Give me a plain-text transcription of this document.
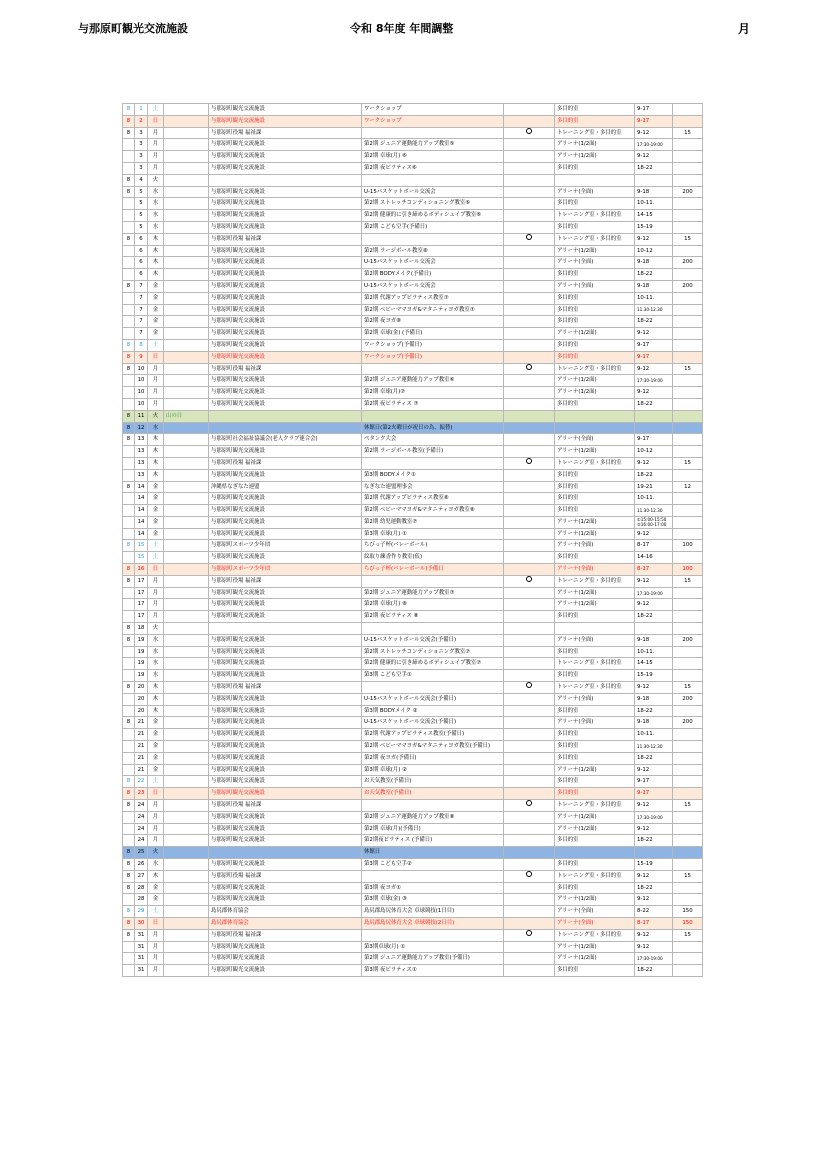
与那原町観光交流施設	令和 8年度 年間調整	月
8	1	土		与那原町観光交流施設	ワークショップ		多目的室	9-17	
8	2	日		与那原町観光交流施設	ワークショップ		多目的室	9-17	
8	3	月		与那原町役場 福祉課			トレーニング室・多目的室	9-12	15
	3	月		与那原町観光交流施設	第2期 ジュニア運動能力アップ教室⑤		アリーナ(1/2面)	17:30-19:00	
	3	月		与那原町観光交流施設	第2期 卓球(月) ⑥		アリーナ(1/2面)	9-12	
	3	月		与那原町観光交流施設	第2期 夜ピラティス⑥		多目的室	18-22	
8	4	火							
8	5	水		与那原町観光交流施設	U-15バスケットボール交流会		アリーナ(全面)	9-18	200
	5	水		与那原町観光交流施設	第2期 ストレッチコンディショニング教室⑥		多目的室	10-11.	
	5	水		与那原町観光交流施設	第2期 健康的に引き締めるボディシェイプ教室⑥		トレーニング室・多目的室	14-15	
	5	水		与那原町観光交流施設	第2期 こども空手(予備日)		多目的室	15-19	
8	6	木		与那原町役場 福祉課			トレーニング室・多目的室	9-12	15
	6	木		与那原町観光交流施設	第2期 ラージボール教室⑧		アリーナ(1/2面)	10-12	
	6	木		与那原町観光交流施設	U-15バスケットボール交流会		アリーナ(全面)	9-18	200
	6	木		与那原町観光交流施設	第2期 BODYメイク(予備日)		多目的室	18-22	
8	7	金		与那原町観光交流施設	U-15バスケットボール交流会		アリーナ(全面)	9-18	200
	7	金		与那原町観光交流施設	第2期 代謝アップピラティス教室⑦		多目的室	10-11.	
	7	金		与那原町観光交流施設	第2期 ベビーママヨガ&マタニティヨガ教室⑦		多目的室	11.30-12.30	
	7	金		与那原町観光交流施設	第2期 夜ヨガ⑧		多目的室	18-22	
	7	金		与那原町観光交流施設	第2期 卓球(金) (予備日)		アリーナ(1/2面)	9-12	
8	8	土		与那原町観光交流施設	ワークショップ(予備日)		多目的室	9-17	
8	9	日		与那原町観光交流施設	ワークショップ(予備日)		多目的室	9-17	
8	10	月		与那原町役場 福祉課			トレーニング室・多目的室	9-12	15
	10	月		与那原町観光交流施設	第2期 ジュニア運動能力アップ教室⑥		アリーナ(1/2面)	17:30-19:00	
	10	月		与那原町観光交流施設	第2期 卓球(月)⑦		アリーナ(1/2面)	9-12	
	10	月		与那原町観光交流施設	第2期 夜ピラティス ⑦		多目的室	18-22	
8	11	火	山の日						
8	12	水			休館日(第2火曜日が祝日の為、振替)				
8	13	木		与那原町社会福祉協議会(老人クラブ連合会)	ペタンク大会		アリーナ(全面)	9-17	
	13	木		与那原町観光交流施設	第2期 ラージボール教室(予備日)		アリーナ(1/2面)	10-12	
	13	木		与那原町役場 福祉課			トレーニング室・多目的室	9-12	15
	13	木		与那原町観光交流施設	第3期 BODYメイク①		多目的室	18-22	
8	14	金		沖縄県なぎなた連盟	なぎなた連盟理事会		多目的室	19-21	12
	14	金		与那原町観光交流施設	第2期 代謝アップピラティス教室⑧		多目的室	10-11.	
	14	金		与那原町観光交流施設	第2期 ベビーママヨガ&マタニティヨガ教室⑧		多目的室	11.30-12.30	
	14	金		与那原町観光交流施設	第2期 幼児運動教室⑦		アリーナ(1/2面)	①15:00-15:50 ②16:00-17:00	
	14	金		与那原町観光交流施設	第3期 卓球(月) ①		アリーナ(1/2面)	9-12	
8	15	土		与那原町スポーツ少年団	ちびっ子杯(バレーボール)		アリーナ(全面)	8-17	100
	15	土		与那原町観光交流施設	紋取り練香作り教室(仮)		多目的室	14-16	
8	16	日		与那原町スポーツ少年団	ちびっ子杯(バレーボール)予備日		アリーナ(全面)	8-17	100
8	17	月		与那原町役場 福祉課			トレーニング室・多目的室	9-12	15
	17	月		与那原町観光交流施設	第2期 ジュニア運動能力アップ教室⑦		アリーナ(1/2面)	17:30-19:00	
	17	月		与那原町観光交流施設	第2期 卓球(月) ⑧		アリーナ(1/2面)	9-12	
	17	月		与那原町観光交流施設	第2期 夜ピラティス ⑧		多目的室	18-22	
8	18	火							
8	19	水		与那原町観光交流施設	U-15バスケットボール交流会(予備日)		アリーナ(全面)	9-18	200
	19	水		与那原町観光交流施設	第2期 ストレッチコンディショニング教室⑦		多目的室	10-11.	
	19	水		与那原町観光交流施設	第2期 健康的に引き締めるボディシェイプ教室⑦		トレーニング室・多目的室	14-15	
	19	水		与那原町観光交流施設	第3期 こども空手①		多目的室	15-19	
8	20	木		与那原町役場 福祉課			トレーニング室・多目的室	9-12	15
	20	木		与那原町観光交流施設	U-15バスケットボール交流会(予備日)		アリーナ(全面)	9-18	200
	20	木		与那原町観光交流施設	第3期 BODYメイク ②		多目的室	18-22	
8	21	金		与那原町観光交流施設	U-15バスケットボール交流会(予備日)		アリーナ(全面)	9-18	200
	21	金		与那原町観光交流施設	第2期 代謝アップピラティス教室(予備日)		多目的室	10-11.	
	21	金		与那原町観光交流施設	第2期 ベビーママヨガ&マタニティヨガ教室(予備日)		多目的室	11.30-12.30	
	21	金		与那原町観光交流施設	第2期 夜ヨガ(予備日)		多目的室	18-22	
	21	金		与那原町観光交流施設	第3期 卓球(月) ②		アリーナ(1/2面)	9-12	
8	22	土		与那原町観光交流施設	お天気教室(予備日)		多目的室	9-17	
8	23	日		与那原町観光交流施設	お天気教室(予備日)		多目的室	9-17	
8	24	月		与那原町役場 福祉課			トレーニング室・多目的室	9-12	15
	24	月		与那原町観光交流施設	第2期 ジュニア運動能力アップ教室⑧		アリーナ(1/2面)	17:30-19:00	
	24	月		与那原町観光交流施設	第2期 卓球(月)(予備日)		アリーナ(1/2面)	9-12	
	24	月		与那原町観光交流施設	第2期夜ピラティス (予備日)		多目的室	18-22	
8	25	火			休館日				
8	26	水		与那原町観光交流施設	第3期 こども空手②		多目的室	15-19	
8	27	木		与那原町役場 福祉課			トレーニング室・多目的室	9-12	15
8	28	金		与那原町観光交流施設	第3期 夜ヨガ①		多目的室	18-22	
	28	金		与那原町観光交流施設	第3期 卓球(金) ③		アリーナ(1/2面)	9-12	
8	29	土		島尻郡体育協会	島尻郡島尻体育大会 卓球競技(1日目)		アリーナ(全面)	8-22	150
8	30	日		島尻郡体育協会	島尻郡島尻体育大会 卓球競技(2日目)		アリーナ(全面)	8-17	150
8	31	月		与那原町役場 福祉課			トレーニング室・多目的室	9-12	15
	31	月		与那原町観光交流施設	第3期卓球(月) ①		アリーナ(1/2面)	9-12	
	31	月		与那原町観光交流施設	第2期 ジュニア運動能力アップ教室(予備日)		アリーナ(1/2面)	17:30-19:00	
	31	月		与那原町観光交流施設	第3期 夜ピラティス①		多目的室	18-22	
